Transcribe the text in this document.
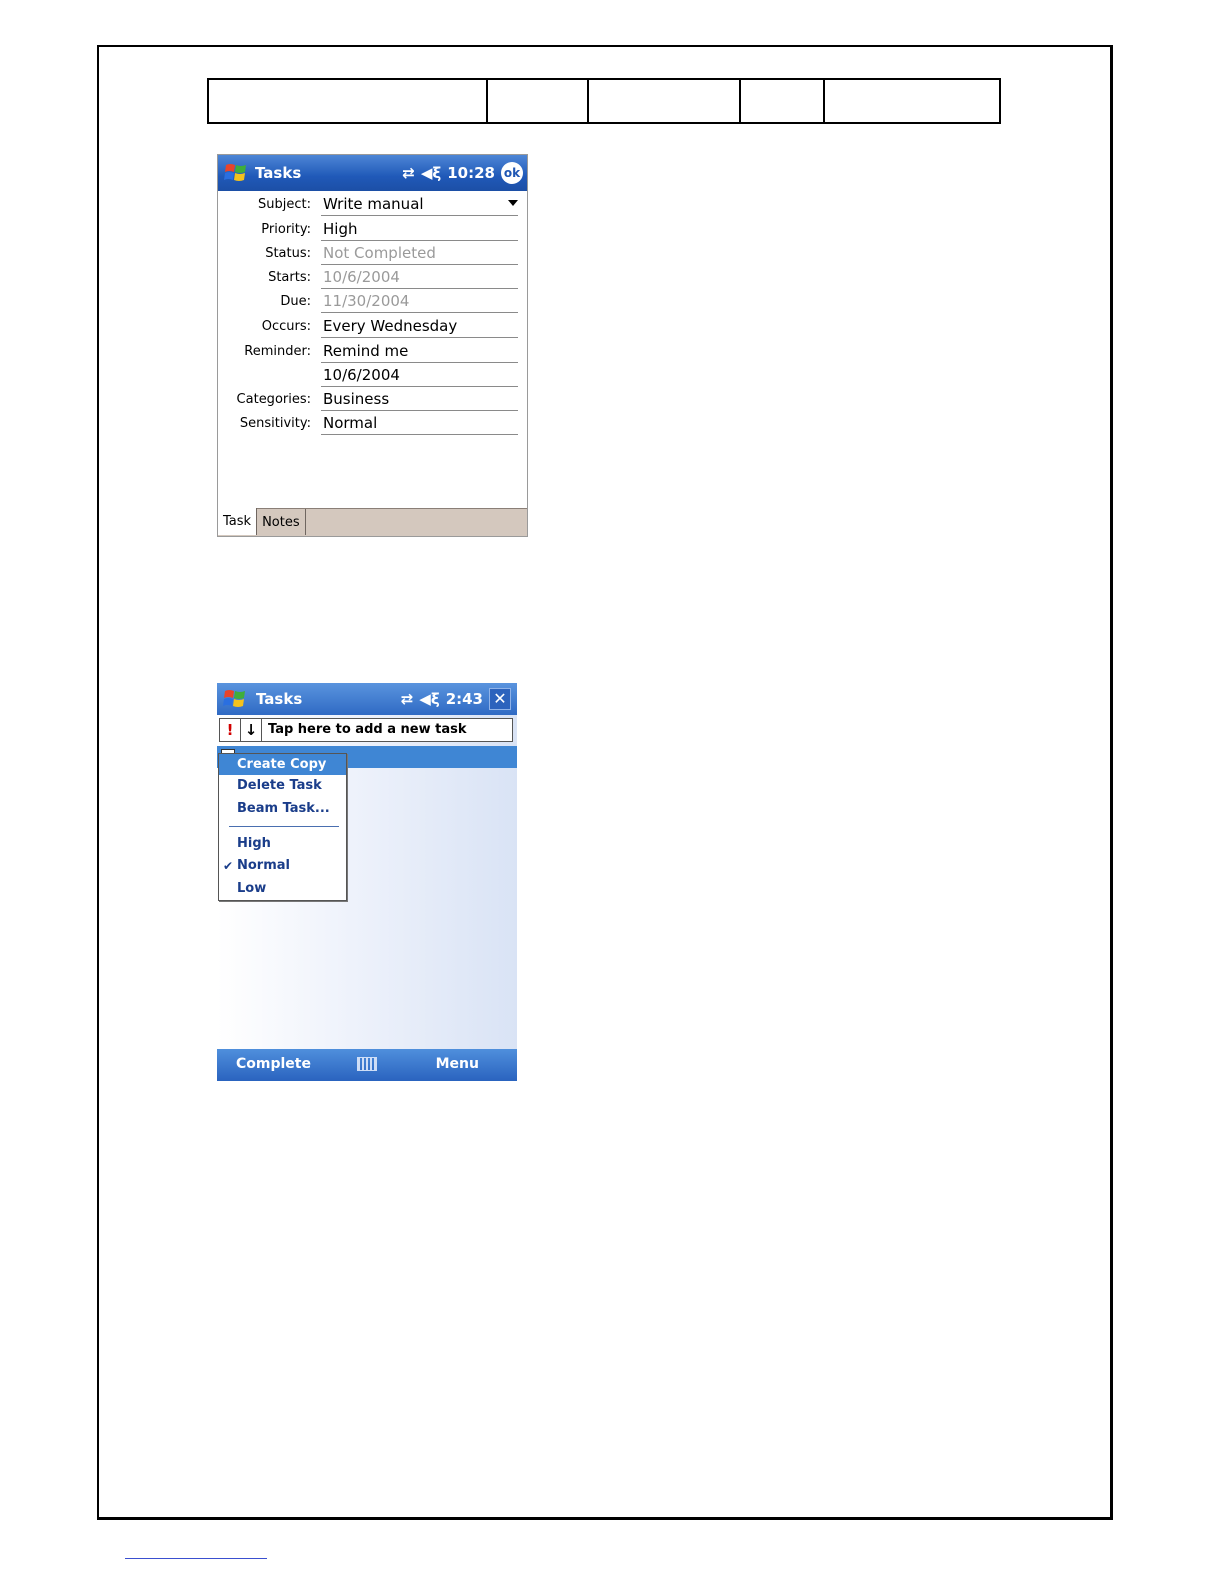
Tasks	⇄ ◀ξ 10:28 ok
Subject: Write manual
Priority: High
Status: Not Completed
Starts: 10/6/2004
Due: 11/30/2004
Occurs: Every Wednesday
Reminder: Remind me
10/6/2004
Categories: Business
Sensitivity: Normal
Task Notes
Tasks	⇄ ◀ξ 2:43 ✕
! ↓ Tap here to add a new task
Create Copy
Delete Task
Beam Task...
High
✔ Normal
Low
Complete	Menu
